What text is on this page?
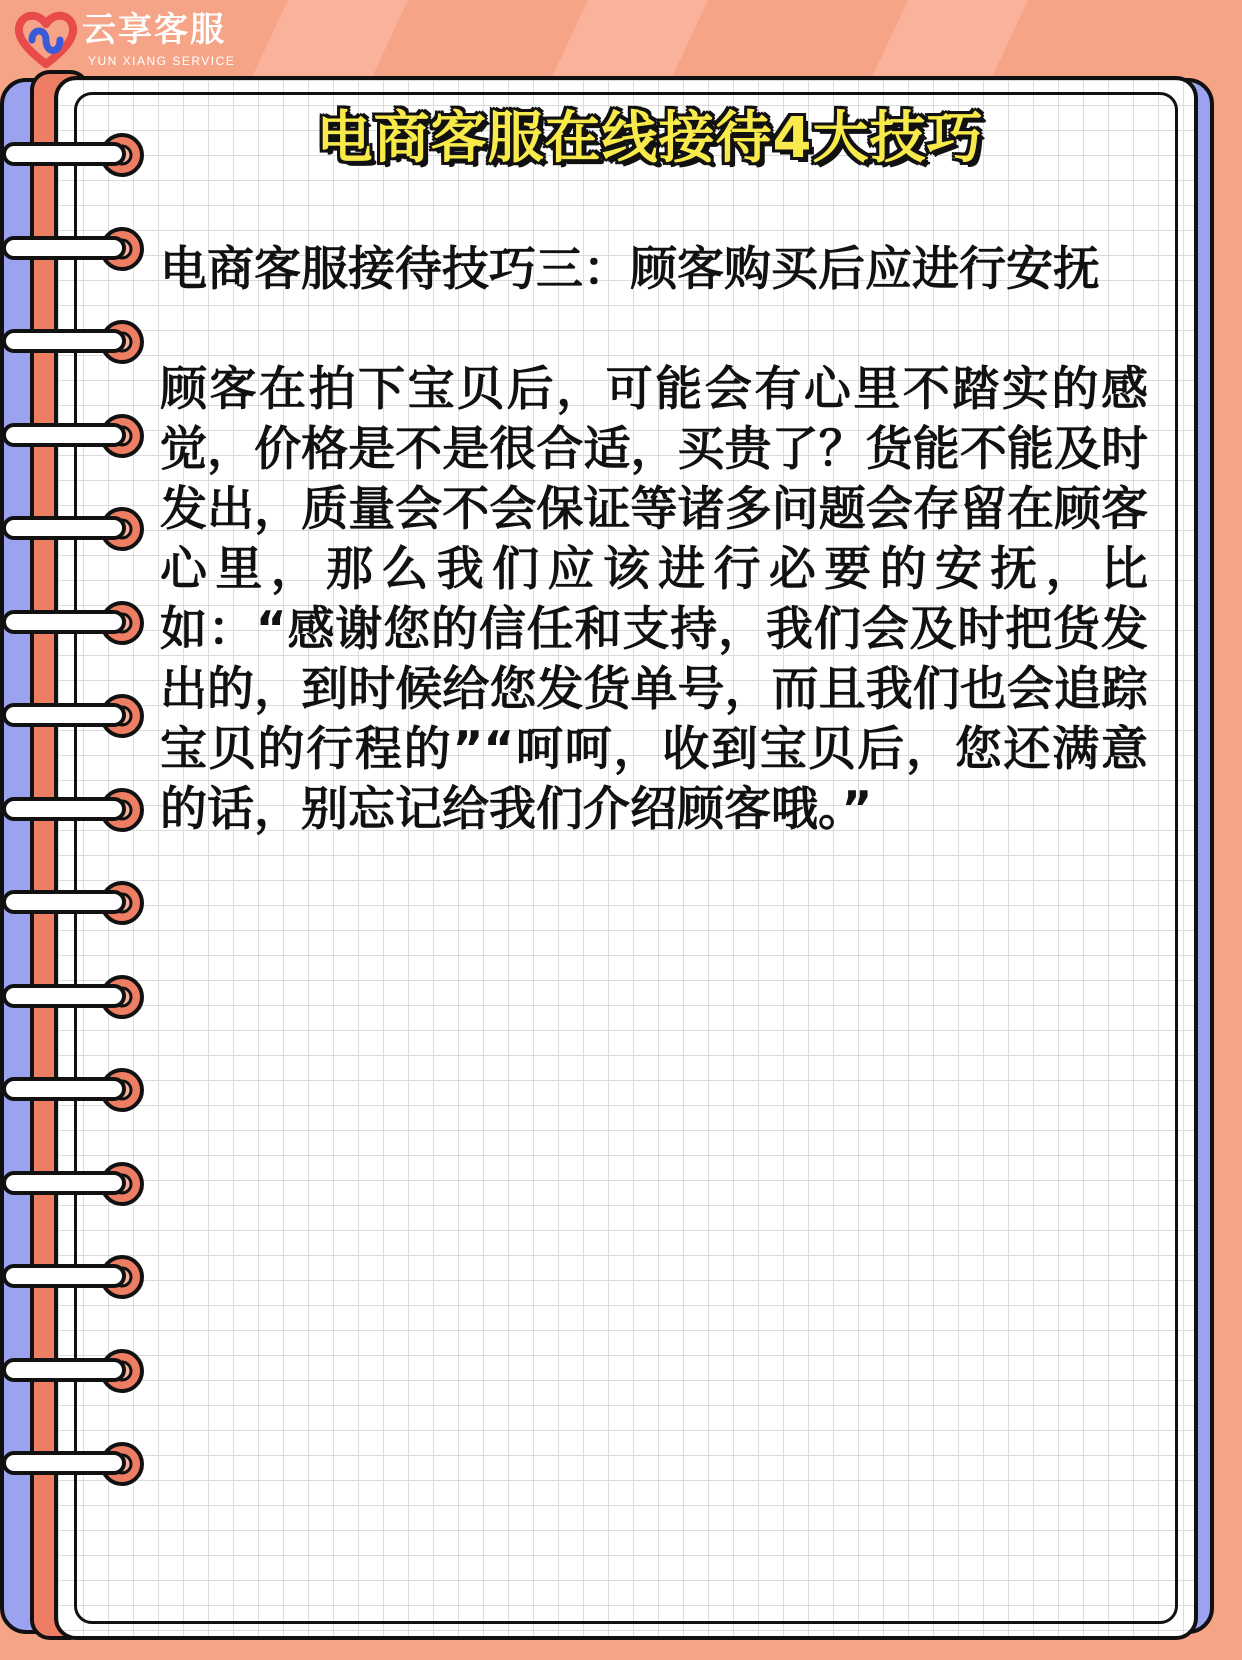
云享客服
YUN XIANG SERVICE
电商客服在线接待4大技巧
电商客服接待技巧三：顾客购买后应进行安抚
顾客在拍下宝贝后，可能会有心里不踏实的感觉，价格是不是很合适，买贵了？货能不能及时发出，质量会不会保证等诸多问题会存留在顾客心里，那么我们应该进行必要的安抚，比如：“感谢您的信任和支持，我们会及时把货发出的，到时候给您发货单号，而且我们也会追踪宝贝的行程的”“呵呵，收到宝贝后，您还满意的话，别忘记给我们介绍顾客哦。”
